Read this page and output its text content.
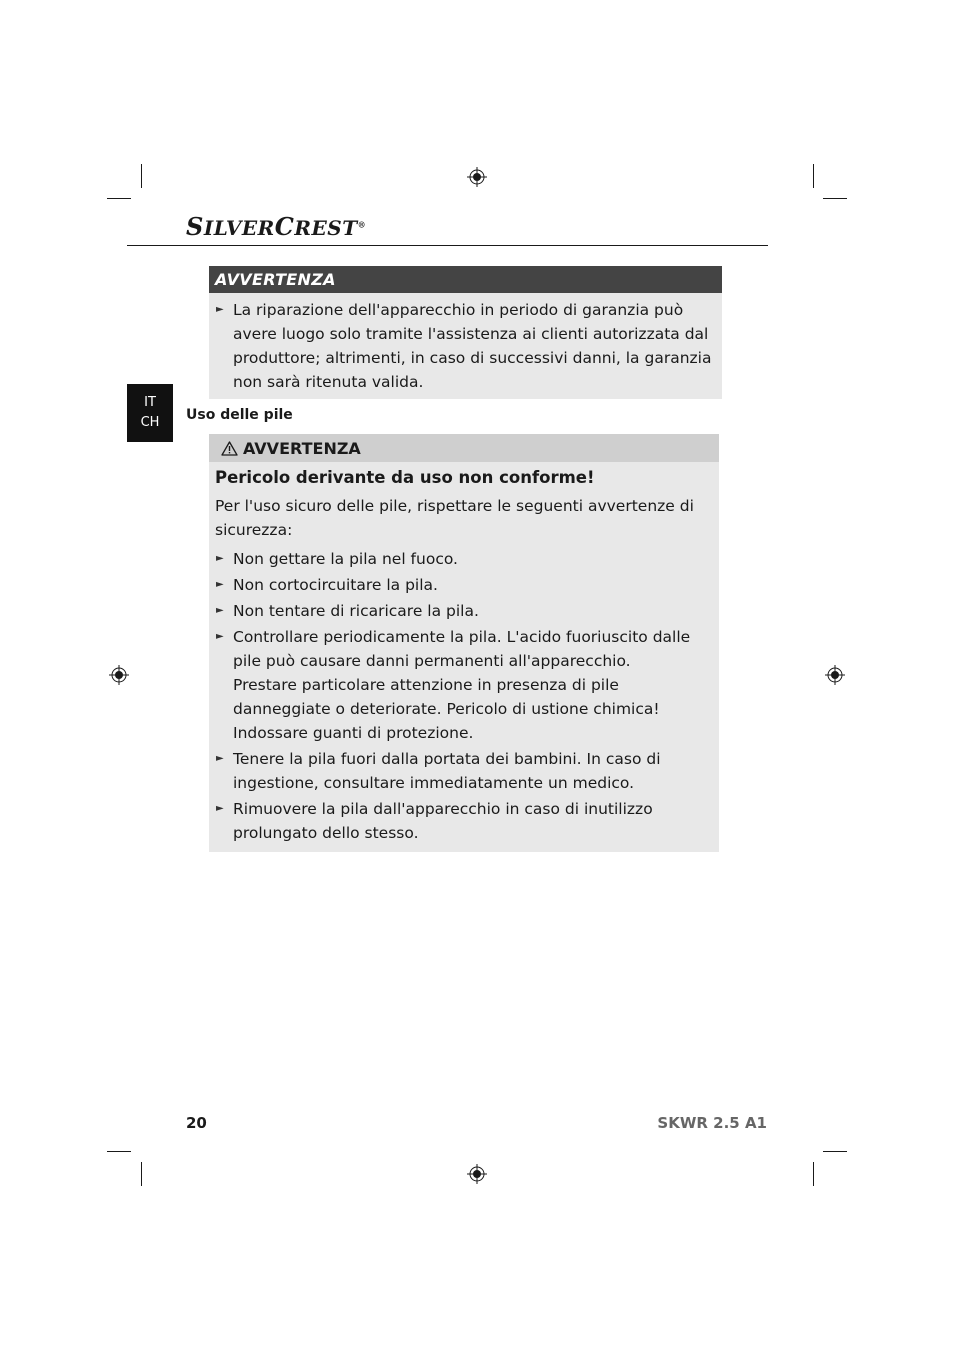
SILVERCREST®
IT
CH
AVVERTENZA
► La riparazione dell'apparecchio in periodo di garanzia può avere luogo solo tramite l'assistenza ai clienti autorizzata dal produttore; altrimenti, in caso di successivi danni, la garanzia non sarà ritenuta valida.
Uso delle pile
AVVERTENZA
Pericolo derivante da uso non conforme!
Per l'uso sicuro delle pile, rispettare le seguenti avvertenze di sicurezza:
► Non gettare la pila nel fuoco.
► Non cortocircuitare la pila.
► Non tentare di ricaricare la pila.
► Controllare periodicamente la pila. L'acido fuoriuscito dalle pile può causare danni permanenti all'apparecchio.
Prestare particolare attenzione in presenza di pile danneggiate o deteriorate. Pericolo di ustione chimica! Indossare guanti di protezione.
► Tenere la pila fuori dalla portata dei bambini. In caso di ingestione, consultare immediatamente un medico.
► Rimuovere la pila dall'apparecchio in caso di inutilizzo prolungato dello stesso.
20	SKWR 2.5 A1
